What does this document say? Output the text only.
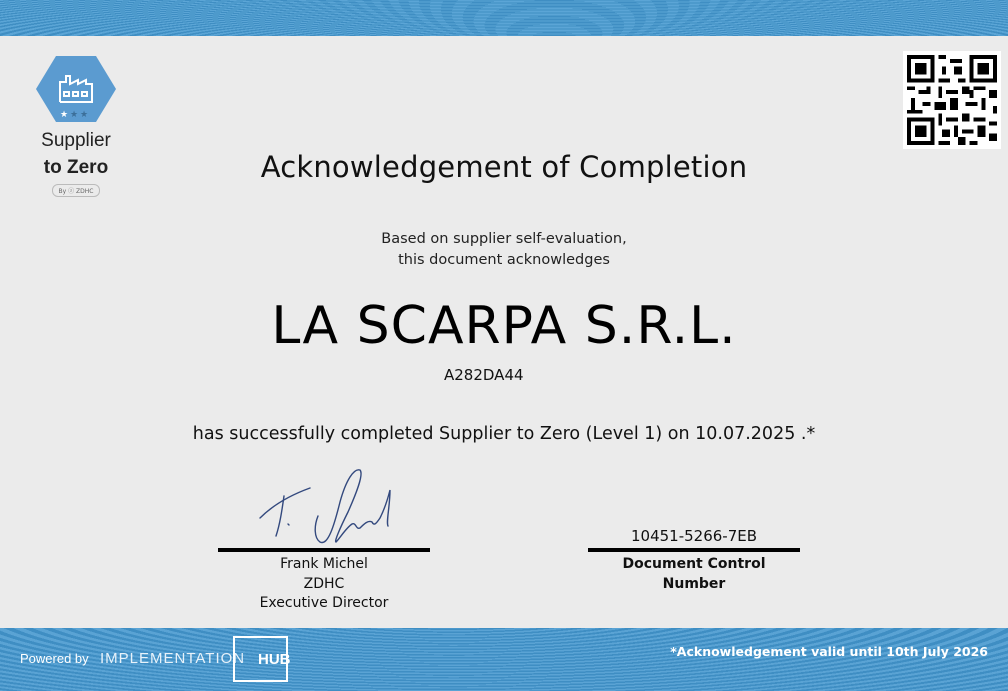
★ ★ ★
Supplier
to Zero
By ⓩ ZDHC
Acknowledgement of Completion
Based on supplier self-evaluation,
this document acknowledges
LA SCARPA S.R.L.
A282DA44
has successfully completed Supplier to Zero (Level 1) on 10.07.2025 .*
Frank Michel
ZDHC
Executive Director
10451-5266-7EB
Document Control
Number
Powered by IMPLEMENTATION HUB	*Acknowledgement valid until 10th July 2026
